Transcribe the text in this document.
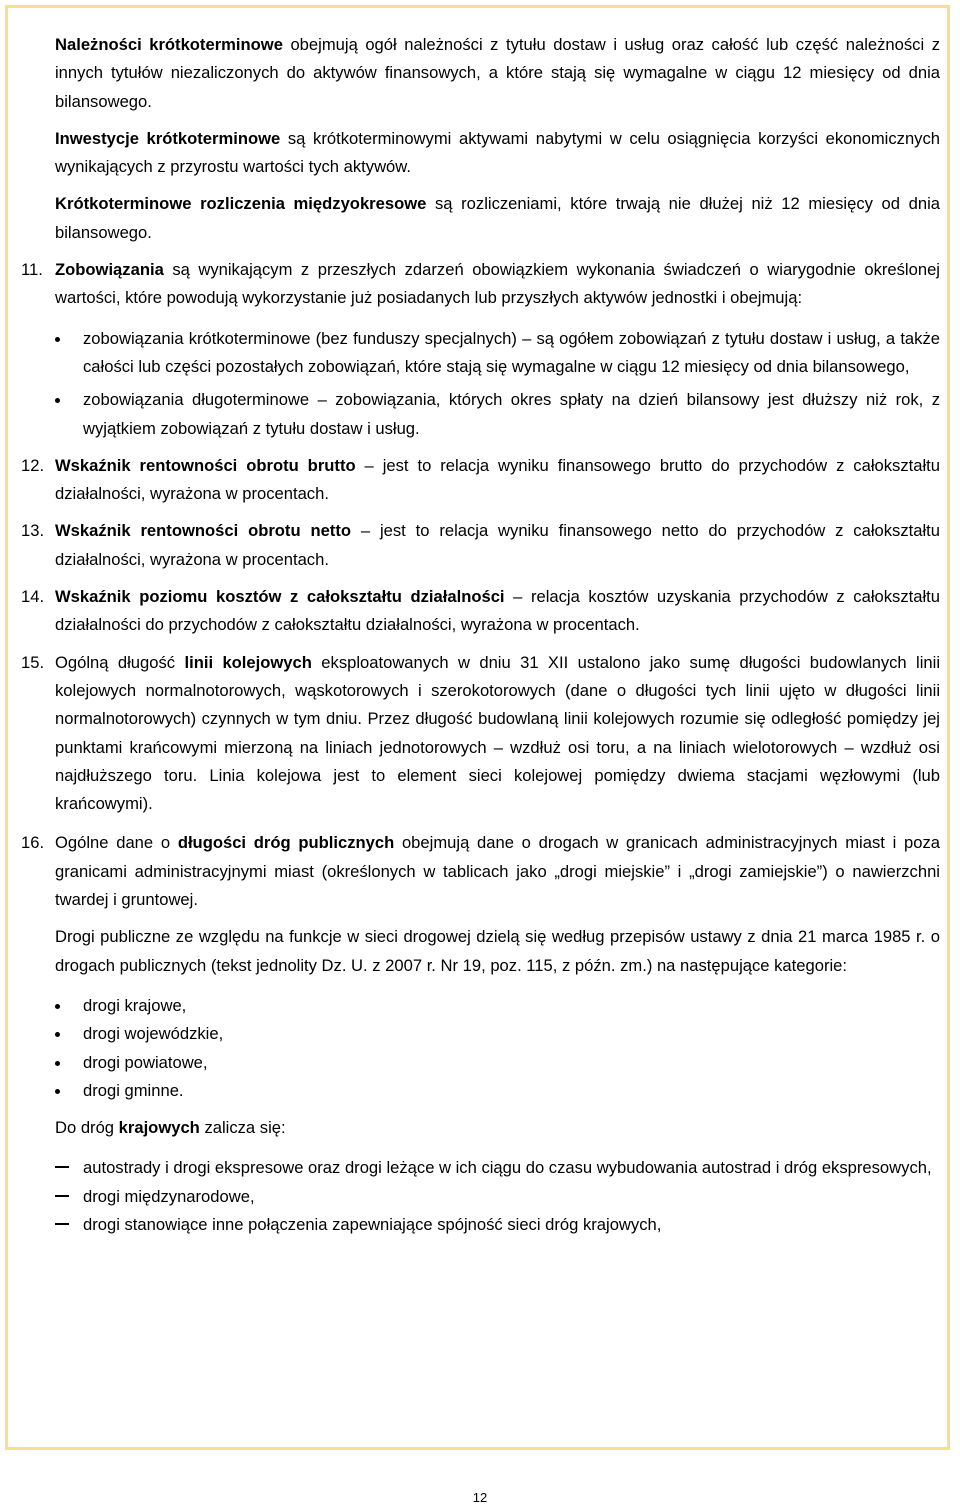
Należności krótkoterminowe obejmują ogół należności z tytułu dostaw i usług oraz całość lub część należności z innych tytułów niezaliczonych do aktywów finansowych, a które stają się wymagalne w ciągu 12 miesięcy od dnia bilansowego.

Inwestycje krótkoterminowe są krótkoterminowymi aktywami nabytymi w celu osiągnięcia korzyści ekonomicznych wynikających z przyrostu wartości tych aktywów.

Krótkoterminowe rozliczenia międzyokresowe są rozliczeniami, które trwają nie dłużej niż 12 miesięcy od dnia bilansowego.

11. Zobowiązania są wynikającym z przeszłych zdarzeń obowiązkiem wykonania świadczeń o wiarygodnie określonej wartości, które powodują wykorzystanie już posiadanych lub przyszłych aktywów jednostki i obejmują:

zobowiązania krótkoterminowe (bez funduszy specjalnych) – są ogółem zobowiązań z tytułu dostaw i usług, a także całości lub części pozostałych zobowiązań, które stają się wymagalne w ciągu 12 miesięcy od dnia bilansowego,
zobowiązania długoterminowe – zobowiązania, których okres spłaty na dzień bilansowy jest dłuższy niż rok, z wyjątkiem zobowiązań z tytułu dostaw i usług.
12. Wskaźnik rentowności obrotu brutto – jest to relacja wyniku finansowego brutto do przychodów z całokształtu działalności, wyrażona w procentach.

13. Wskaźnik rentowności obrotu netto – jest to relacja wyniku finansowego netto do przychodów z całokształtu działalności, wyrażona w procentach.

14. Wskaźnik poziomu kosztów z całokształtu działalności – relacja kosztów uzyskania przychodów z całokształtu działalności do przychodów z całokształtu działalności, wyrażona w procentach.

15. Ogólną długość linii kolejowych eksploatowanych w dniu 31 XII ustalono jako sumę długości budowlanych linii kolejowych normalnotorowych, wąskotorowych i szerokotorowych (dane o długości tych linii ujęto w długości linii normalnotorowych) czynnych w tym dniu. Przez długość budowlaną linii kolejowych rozumie się odległość pomiędzy jej punktami krańcowymi mierzoną na liniach jednotorowych – wzdłuż osi toru, a na liniach wielotorowych – wzdłuż osi najdłuższego toru. Linia kolejowa jest to element sieci kolejowej pomiędzy dwiema stacjami węzłowymi (lub krańcowymi).

16. Ogólne dane o długości dróg publicznych obejmują dane o drogach w granicach administracyjnych miast i poza granicami administracyjnymi miast (określonych w tablicach jako „drogi miejskie” i „drogi zamiejskie”) o nawierzchni twardej i gruntowej.

Drogi publiczne ze względu na funkcje w sieci drogowej dzielą się według przepisów ustawy z dnia 21 marca 1985 r. o drogach publicznych (tekst jednolity Dz. U. z 2007 r. Nr 19, poz. 115, z późn. zm.) na następujące kategorie:

drogi krajowe,
drogi wojewódzkie,
drogi powiatowe,
drogi gminne.

Do dróg krajowych zalicza się:

autostrady i drogi ekspresowe oraz drogi leżące w ich ciągu do czasu wybudowania autostrad i dróg ekspresowych,
drogi międzynarodowe,
drogi stanowiące inne połączenia zapewniające spójność sieci dróg krajowych,
12
